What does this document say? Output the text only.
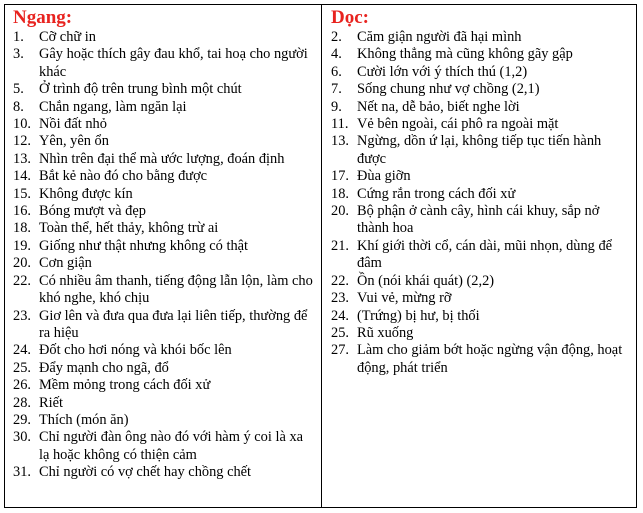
Ngang:
1.	Cỡ chữ in
3.	Gây hoặc thích gây đau khổ, tai hoạ cho người khác
5.	Ở trình độ trên trung bình một chút
8.	Chắn ngang, làm ngăn lại
10. Nồi đất nhỏ
12. Yên, yên ổn
13. Nhìn trên đại thể mà ước lượng, đoán định
14. Bắt kẻ nào đó cho bằng được
15. Không được kín
16. Bóng mượt và đẹp
18. Toàn thể, hết thảy, không trừ ai
19. Giống như thật nhưng không có thật
20. Cơn giận
22. Có nhiều âm thanh, tiếng động lẫn lộn, làm cho khó nghe, khó chịu
23. Giơ lên và đưa qua đưa lại liên tiếp, thường để ra hiệu
24. Đốt cho hơi nóng và khói bốc lên
25. Đẩy mạnh cho ngã, đổ
26. Mềm mỏng trong cách đối xử
28. Riết
29. Thích (món ăn)
30. Chỉ người đàn ông nào đó với hàm ý coi là xa lạ hoặc không có thiện cảm
31. Chỉ người có vợ chết hay chồng chết
Dọc:
2.	Căm giận người đã hại mình
4.	Không thẳng mà cũng không gãy gập
6.	Cười lớn với ý thích thú (1,2)
7.	Sống chung như vợ chồng (2,1)
9.	Nết na, dễ bảo, biết nghe lời
11. Vẻ bên ngoài, cái phô ra ngoài mặt
13. Ngừng, dồn ứ lại, không tiếp tục tiến hành được
17. Đùa giỡn
18. Cứng rắn trong cách đối xử
20. Bộ phận ở cành cây, hình cái khuy, sắp nở thành hoa
21. Khí giới thời cổ, cán dài, mũi nhọn, dùng để đâm
22. Ồn (nói khái quát) (2,2)
23. Vui vẻ, mừng rỡ
24. (Trứng) bị hư, bị thối
25. Rũ xuống
27. Làm cho giảm bớt hoặc ngừng vận động, hoạt động, phát triển
